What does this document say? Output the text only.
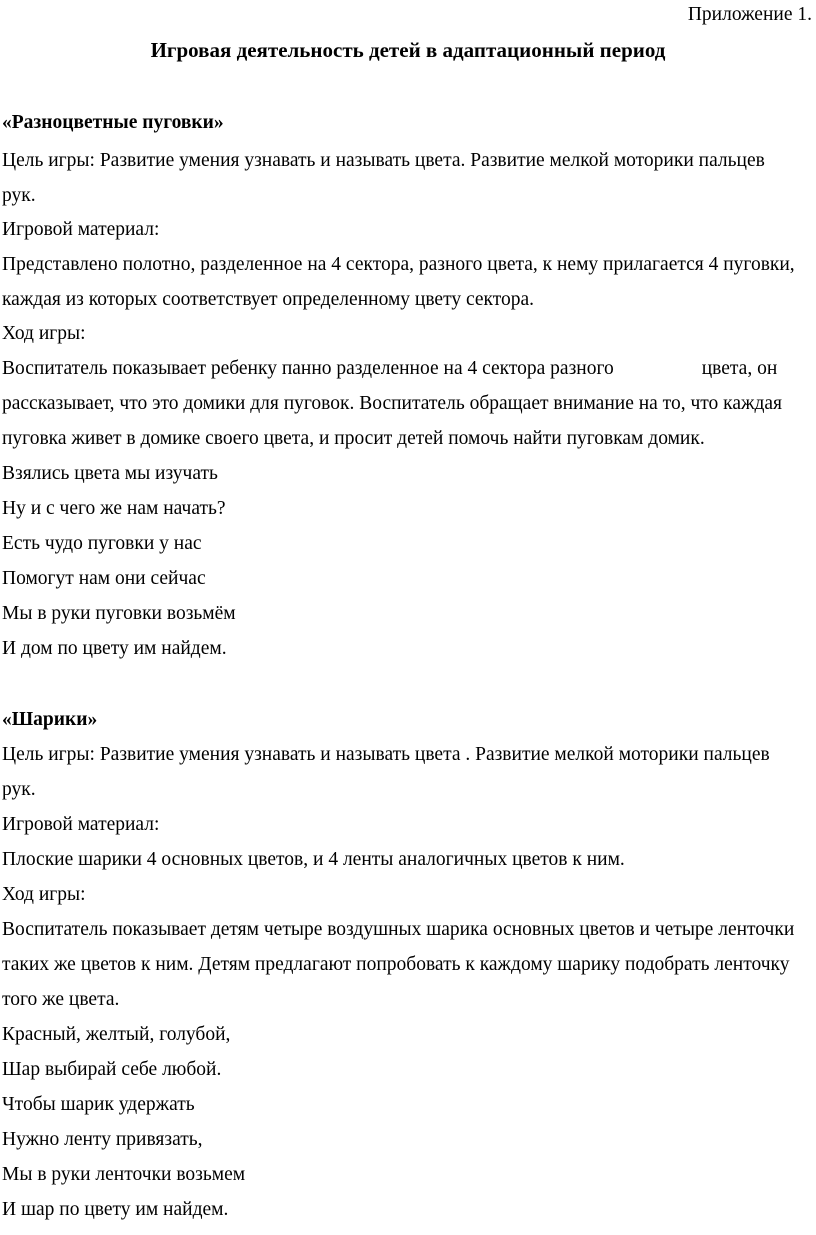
Приложение 1.
Игровая деятельность детей в адаптационный период
«Разноцветные пуговки»
Цель игры: Развитие умения узнавать и называть цвета. Развитие мелкой моторики пальцев
рук.
Игровой материал:
Представлено полотно, разделенное на 4 сектора, разного цвета, к нему прилагается 4 пуговки,
каждая из которых соответствует определенному цвету сектора.
Ход игры:
Воспитатель показывает ребенку панно разделенное на 4 сектора разного	цвета, он
рассказывает, что это домики для пуговок. Воспитатель обращает внимание на то, что каждая
пуговка живет в домике своего цвета, и просит детей помочь найти пуговкам домик.
Взялись цвета мы изучать
Ну и с чего же нам начать?
Есть чудо пуговки у нас
Помогут нам они сейчас
Мы в руки пуговки возьмём
И дом по цвету им найдем.
«Шарики»
Цель игры: Развитие умения узнавать и называть цвета . Развитие мелкой моторики пальцев
рук.
Игровой материал:
Плоские шарики 4 основных цветов, и 4 ленты аналогичных цветов к ним.
Ход игры:
Воспитатель показывает детям четыре воздушных шарика основных цветов и четыре ленточки
таких же цветов к ним. Детям предлагают попробовать к каждому шарику подобрать ленточку
того же цвета.
Красный, желтый, голубой,
Шар выбирай себе любой.
Чтобы шарик удержать
Нужно ленту привязать,
Мы в руки ленточки возьмем
И шар по цвету им найдем.
